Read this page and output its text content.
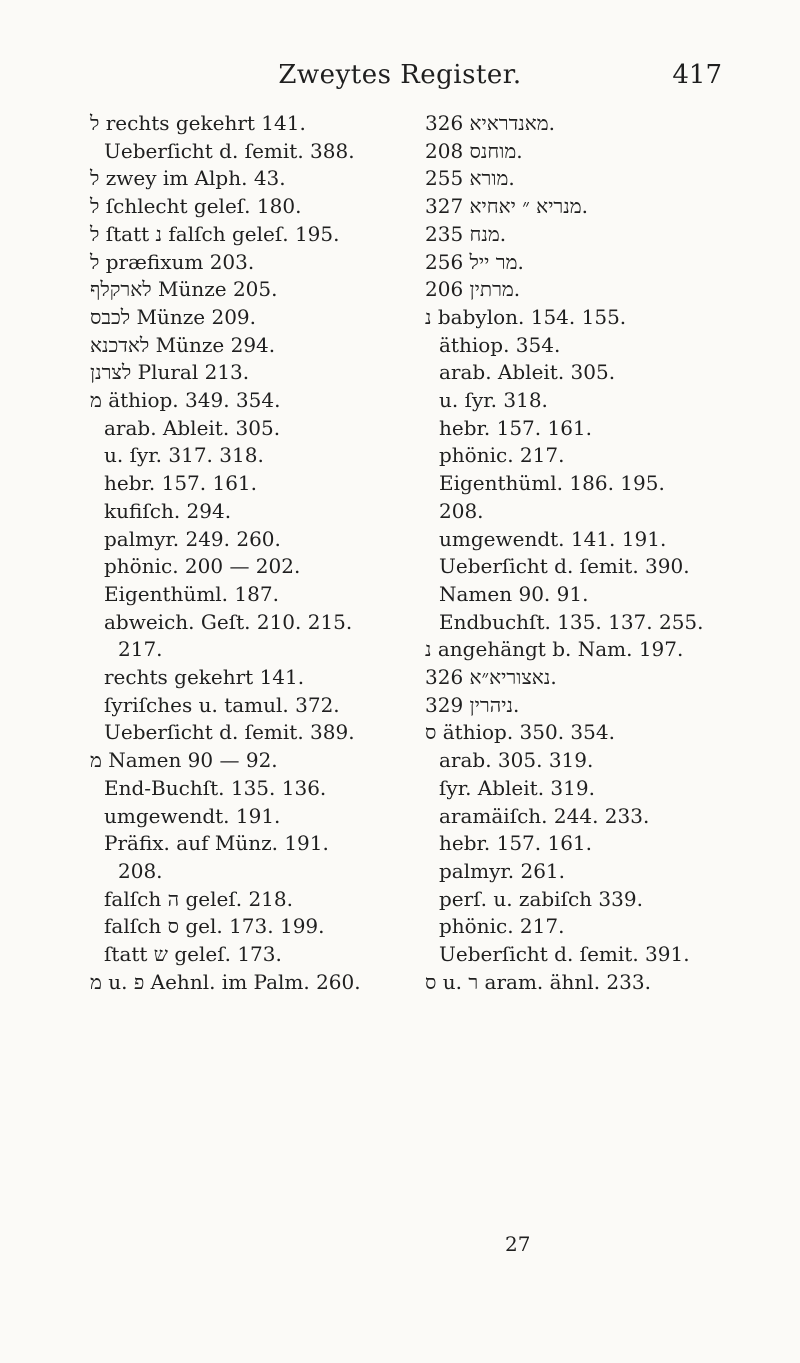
Zweytes Register.	417
ל rechts gekehrt 141.
Ueberſicht d. ſemit. 388.
ל zwey im Alph. 43.
ל ſchlecht geleſ. 180.
ל ſtatt נ falſch geleſ. 195.
ל præfixum 203.
לארקלף Münze 205.
לכבס Münze 209.
לאדכנא Münze 294.
לצרנן Plural 213.
מ äthiop. 349. 354.
arab. Ableit. 305.
u. ſyr. 317. 318.
hebr. 157. 161.
kufiſch. 294.
palmyr. 249. 260.
phönic. 200 — 202.
Eigenthüml. 187.
abweich. Geſt. 210. 215.
217.
rechts gekehrt 141.
ſyriſches u. tamul. 372.
Ueberſicht d. ſemit. 389.
מ Namen 90 — 92.
End-Buchſt. 135. 136.
umgewendt. 191.
Präfix. auf Münz. 191.
208.
falſch ה geleſ. 218.
falſch ס gel. 173. 199.
ſtatt ש geleſ. 173.
מ u. פ Aehnl. im Palm. 260.
מאנדראיא 326.
מוחנס 208.
מורא 255.
מנריא ״ יאחיא 327.
מנח 235.
מר ייל 256.
מרתין 206.
נ babylon. 154. 155.
äthiop. 354.
arab. Ableit. 305.
u. ſyr. 318.
hebr. 157. 161.
phönic. 217.
Eigenthüml. 186. 195.
208.
umgewendt. 141. 191.
Ueberſicht d. ſemit. 390.
Namen 90. 91.
Endbuchſt. 135. 137. 255.
נ angehängt b. Nam. 197.
נאצוריא״א 326.
ניהרין 329.
ס äthiop. 350. 354.
arab. 305. 319.
ſyr. Ableit. 319.
aramäiſch. 244. 233.
hebr. 157. 161.
palmyr. 261.
perſ. u. zabiſch 339.
phönic. 217.
Ueberſicht d. ſemit. 391.
ס u. ר aram. ähnl. 233.
27
